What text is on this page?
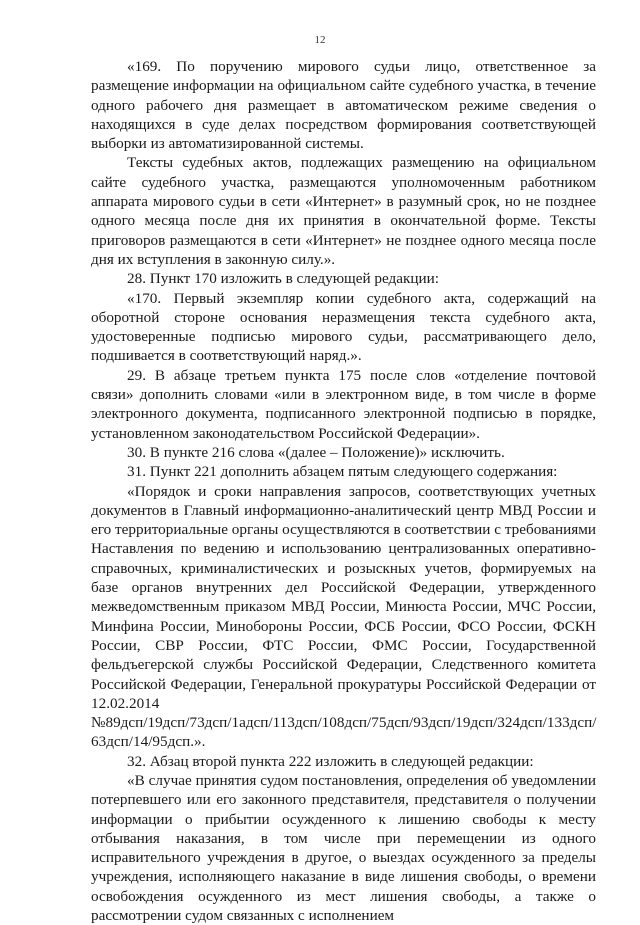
12

«169. По поручению мирового судьи лицо, ответственное за размещение информации на официальном сайте судебного участка, в течение одного рабочего дня размещает в автоматическом режиме сведения о находящихся в суде делах посредством формирования соответствующей выборки из автоматизированной системы.

Тексты судебных актов, подлежащих размещению на официальном сайте судебного участка, размещаются уполномоченным работником аппарата мирового судьи в сети «Интернет» в разумный срок, но не позднее одного месяца после дня их принятия в окончательной форме. Тексты приговоров размещаются в сети «Интернет» не позднее одного месяца после дня их вступления в законную силу.».

28. Пункт 170 изложить в следующей редакции:

«170. Первый экземпляр копии судебного акта, содержащий на оборотной стороне основания неразмещения текста судебного акта, удостоверенные подписью мирового судьи, рассматривающего дело, подшивается в соответствующий наряд.».

29. В абзаце третьем пункта 175 после слов «отделение почтовой связи» дополнить словами «или в электронном виде, в том числе в форме электронного документа, подписанного электронной подписью в порядке, установленном законодательством Российской Федерации».

30. В пункте 216 слова «(далее – Положение)» исключить.

31. Пункт 221 дополнить абзацем пятым следующего содержания:

«Порядок и сроки направления запросов, соответствующих учетных документов в Главный информационно-аналитический центр МВД России и его территориальные органы осуществляются в соответствии с требованиями Наставления по ведению и использованию централизованных оперативно-справочных, криминалистических и розыскных учетов, формируемых на базе органов внутренних дел Российской Федерации, утвержденного межведомственным приказом МВД России, Минюста России, МЧС России, Минфина России, Минобороны России, ФСБ России, ФСО России, ФСКН России, СВР России, ФТС России, ФМС России, Государственной фельдъегерской службы Российской Федерации, Следственного комитета Российской Федерации, Генеральной прокуратуры Российской Федерации от 12.02.2014 №89дсп/19дсп/73дсп/1адсп/113дсп/108дсп/75дсп/93дсп/19дсп/324дсп/133дсп/ 63дсп/14/95дсп.».

32. Абзац второй пункта 222 изложить в следующей редакции:

«В случае принятия судом постановления, определения об уведомлении потерпевшего или его законного представителя, представителя о получении информации о прибытии осужденного к лишению свободы к месту отбывания наказания, в том числе при перемещении из одного исправительного учреждения в другое, о выездах осужденного за пределы учреждения, исполняющего наказание в виде лишения свободы, о времени освобождения осужденного из мест лишения свободы, а также о рассмотрении судом связанных с исполнением
